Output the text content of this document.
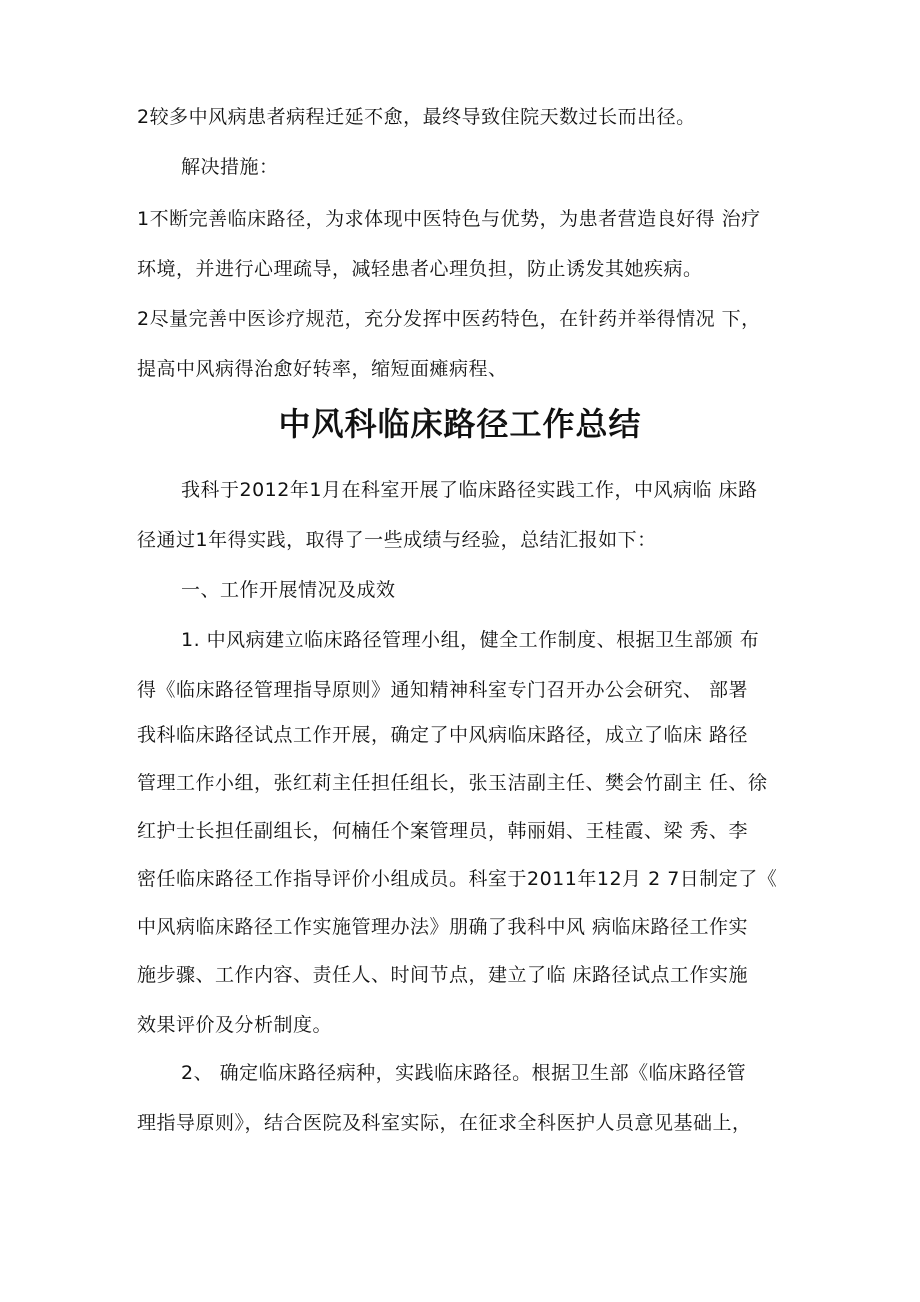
2较多中风病患者病程迁延不愈，最终导致住院天数过长而出径。
解决措施：
1不断完善临床路径，为求体现中医特色与优势，为患者营造良好得 治疗
环境，并进行心理疏导，减轻患者心理负担，防止诱发其她疾病。
2尽量完善中医诊疗规范，充分发挥中医药特色，在针药并举得情况 下，
提高中风病得治愈好转率，缩短面瘫病程、
中风科临床路径工作总结
我科于2012年1月在科室开展了临床路径实践工作，中风病临 床路
径通过1年得实践，取得了一些成绩与经验，总结汇报如下：
一、工作开展情况及成效
1. 中风病建立临床路径管理小组，健全工作制度、根据卫生部颁 布
得《临床路径管理指导原则》通知精神科室专门召开办公会研究、 部署
我科临床路径试点工作开展，确定了中风病临床路径，成立了临床 路径
管理工作小组，张红莉主任担任组长，张玉洁副主任、樊会竹副主 任、徐
红护士长担任副组长，何楠任个案管理员，韩丽娟、王桂霞、梁 秀、李
密任临床路径工作指导评价小组成员。科室于2011年12月 2 7日制定了《
中风病临床路径工作实施管理办法》朋确了我科中风 病临床路径工作实
施步骤、工作内容、责任人、时间节点，建立了临 床路径试点工作实施
效果评价及分析制度。
2、 确定临床路径病种，实践临床路径。根据卫生部《临床路径管
理指导原则》，结合医院及科室实际，在征求全科医护人员意见基础上，
